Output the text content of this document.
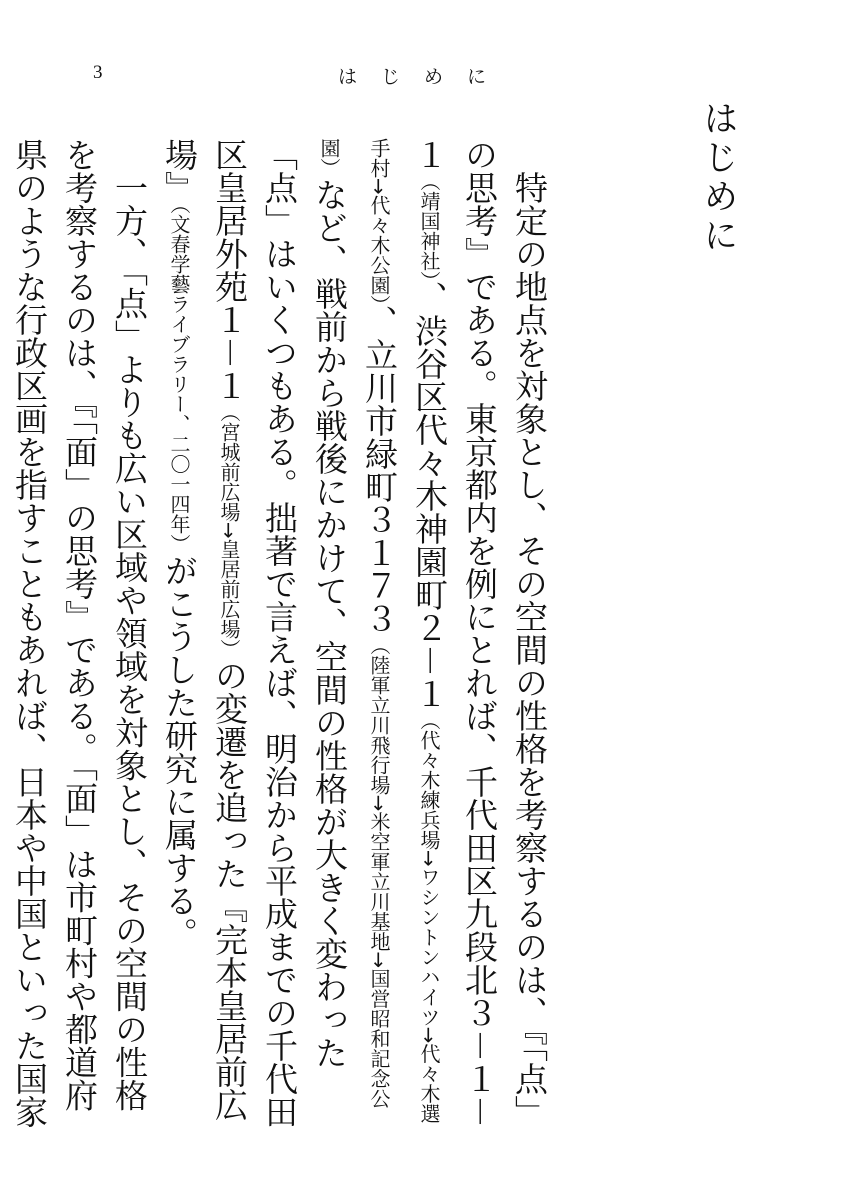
3	はじめに
はじめに

特定の地点を対象とし、その空間の性格を考察するのは、『「点」の思考』である。東京都内を例にとれば、千代田区九段北３－１－１（靖国神社）、渋谷区代々木神園町２－１（代々木練兵場→ワシントンハイツ→代々木選手村→代々木公園）、立川市緑町３１７３（陸軍立川飛行場→米空軍立川基地→国営昭和記念公園）など、戦前から戦後にかけて、空間の性格が大きく変わった「点」はいくつもある。拙著で言えば、明治から平成までの千代田区皇居外苑１－１（宮城前広場→皇居前広場）の変遷を追った『完本皇居前広場』（文春学藝ライブラリー、二〇一四年）がこうした研究に属する。

一方、「点」よりも広い区域や領域を対象とし、その空間の性格を考察するのは、『「面」の思考』である。「面」は市町村や都道府県のような行政区画を指すこともあれば、日本や中国といった国家
